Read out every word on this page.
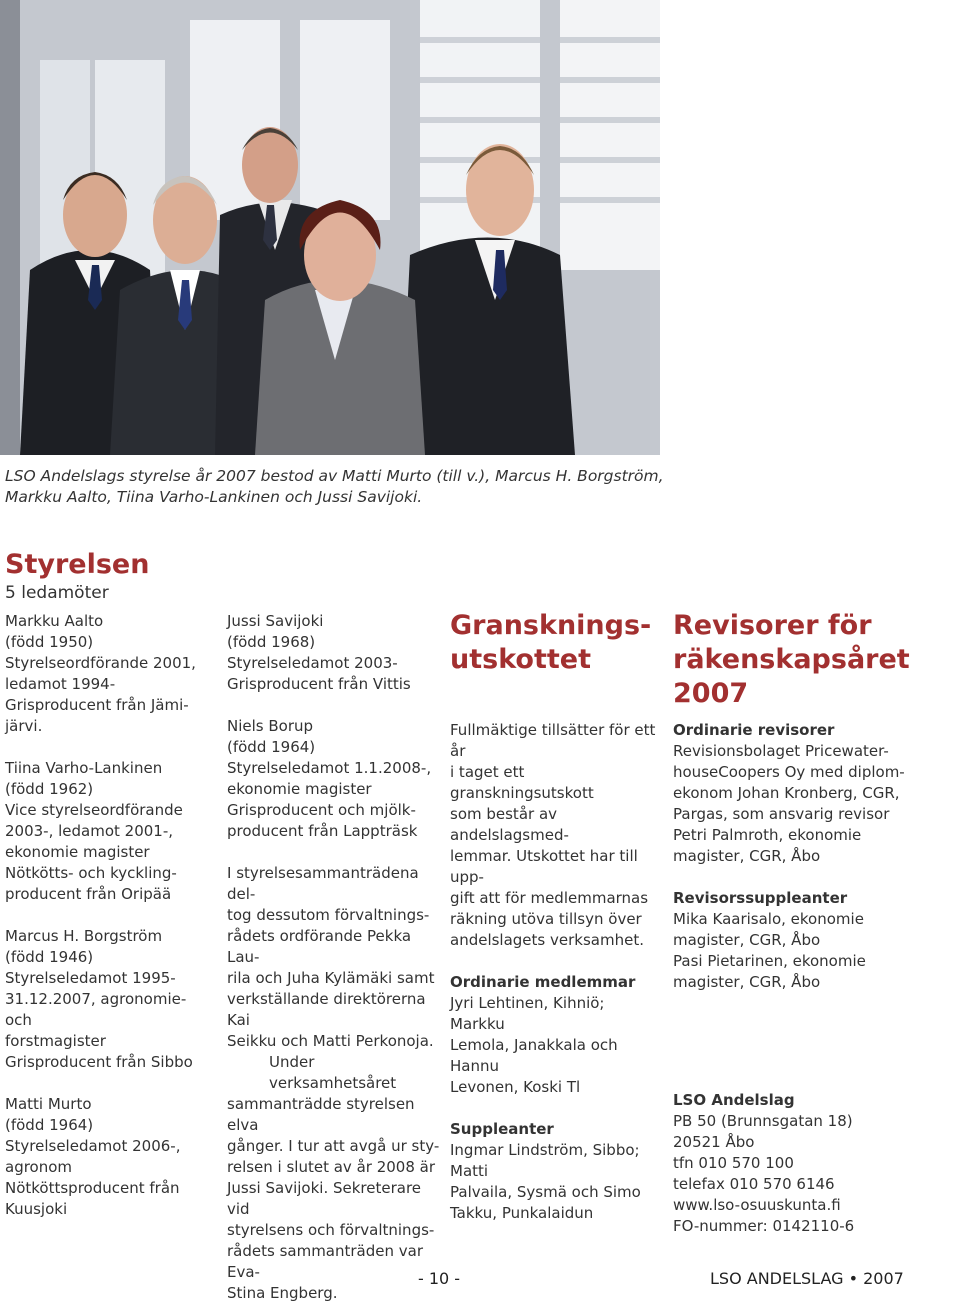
LSO Andelslags styrelse år 2007 bestod av Matti Murto (till v.), Marcus H. Borgström, Markku Aalto, Tiina Varho-Lankinen och Jussi Savijoki.

Styrelsen

5 ledamöter

Markku Aalto

(född 1950)

Styrelseordförande 2001,

ledamot 1994-

Grisproducent från Jämi-

järvi.

Tiina Varho-Lankinen

(född 1962)

Vice styrelseordförande

2003-, ledamot 2001-,

ekonomie magister

Nötkötts- och kyckling-

producent från Oripää

Marcus H. Borgström

(född 1946)

Styrelseledamot 1995-

31.12.2007, agronomie- och

forstmagister

Grisproducent från Sibbo

Matti Murto

(född 1964)

Styrelseledamot 2006-,

agronom

Nötköttsproducent från

Kuusjoki

Jussi Savijoki

(född 1968)

Styrelseledamot 2003-

Grisproducent från Vittis

Niels Borup

(född 1964)

Styrelseledamot 1.1.2008-,

ekonomie magister

Grisproducent och mjölk-

producent från Lappträsk

I styrelsesammanträdena del-

tog dessutom förvaltnings-

rådets ordförande Pekka Lau-

rila och Juha Kylämäki samt

verkställande direktörerna Kai

Seikku och Matti Perkonoja.

Under verksamhetsåret

sammanträdde styrelsen elva

gånger. I tur att avgå ur sty-

relsen i slutet av år 2008 är

Jussi Savijoki. Sekreterare vid

styrelsens och förvaltnings-

rådets sammanträden var Eva-

Stina Engberg.

Gransknings-
utskottet

Fullmäktige tillsätter för ett år

i taget ett granskningsutskott

som består av andelslagsmed-

lemmar. Utskottet har till upp-

gift att för medlemmarnas

räkning utöva tillsyn över

andelslagets verksamhet.

Ordinarie medlemmar

Jyri Lehtinen, Kihniö; Markku

Lemola, Janakkala och Hannu

Levonen, Koski Tl

Suppleanter

Ingmar Lindström, Sibbo; Matti

Palvaila, Sysmä och Simo

Takku, Punkalaidun

Revisorer för
räkenskapsåret
2007

Ordinarie revisorer

Revisionsbolaget Pricewater-

houseCoopers Oy med diplom-

ekonom Johan Kronberg, CGR,

Pargas, som ansvarig revisor

Petri Palmroth, ekonomie

magister, CGR, Åbo

Revisorssuppleanter

Mika Kaarisalo, ekonomie

magister, CGR, Åbo

Pasi Pietarinen, ekonomie

magister, CGR, Åbo

LSO Andelslag

PB 50 (Brunnsgatan 18)

20521 Åbo

tfn 010 570 100

telefax 010 570 6146

www.lso-osuuskunta.fi

FO-nummer: 0142110-6

- 10 -	LSO ANDELSLAG • 2007
